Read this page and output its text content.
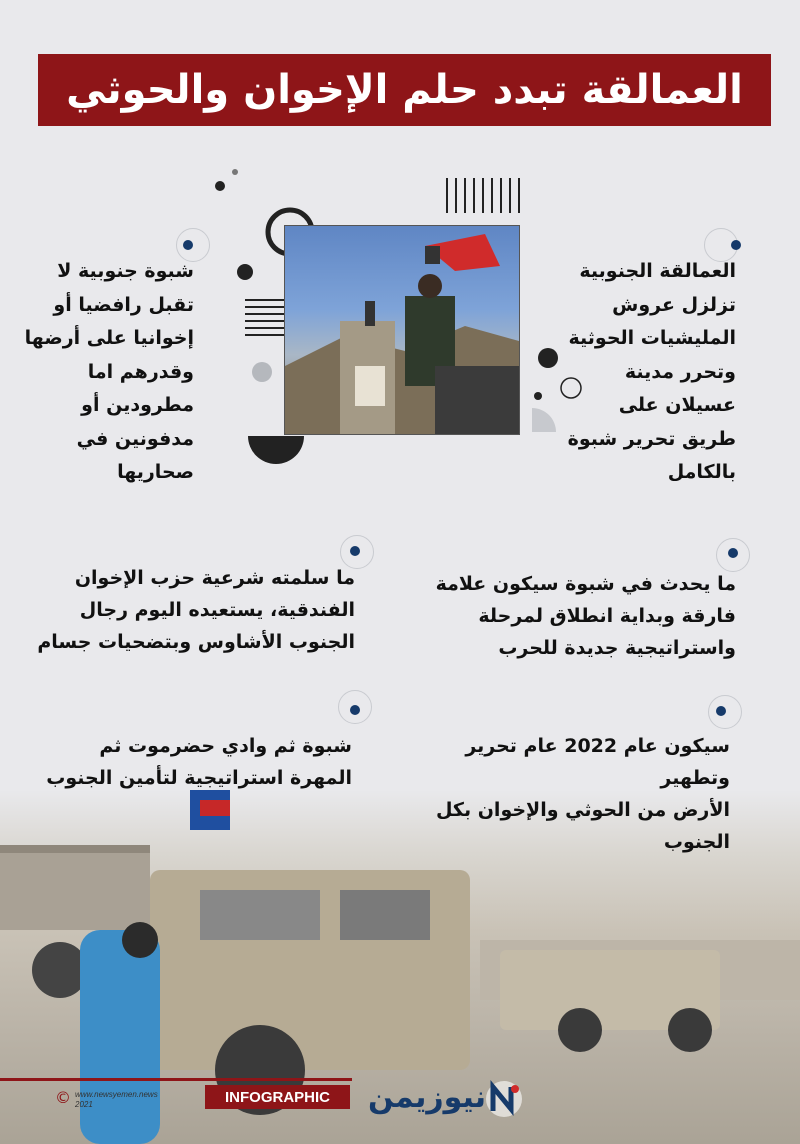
العمالقة تبدد حلم الإخوان والحوثي
العمالقة الجنوبية
تزلزل عروش
المليشيات الحوثية
وتحرر مدينة
عسيلان على
طريق تحرير شبوة
بالكامل
شبوة جنوبية لا
تقبل رافضيا أو
إخوانيا على أرضها
وقدرهم اما
مطرودين أو
مدفونين في
صحاريها
ما يحدث في شبوة سيكون علامة
فارقة وبداية انطلاق لمرحلة
واستراتيجية جديدة للحرب
ما سلمته شرعية حزب الإخوان
الفندقية، يستعيده اليوم رجال
الجنوب الأشاوس وبتضحيات جسام
سيكون عام 2022 عام تحرير وتطهير
الأرض من الحوثي والإخوان بكل
الجنوب
شبوة ثم وادي حضرموت ثم
المهرة استراتيجية لتأمين الجنوب
© www.newsyemen.news
2021	INFOGRAPHIC	نيوزيمن
